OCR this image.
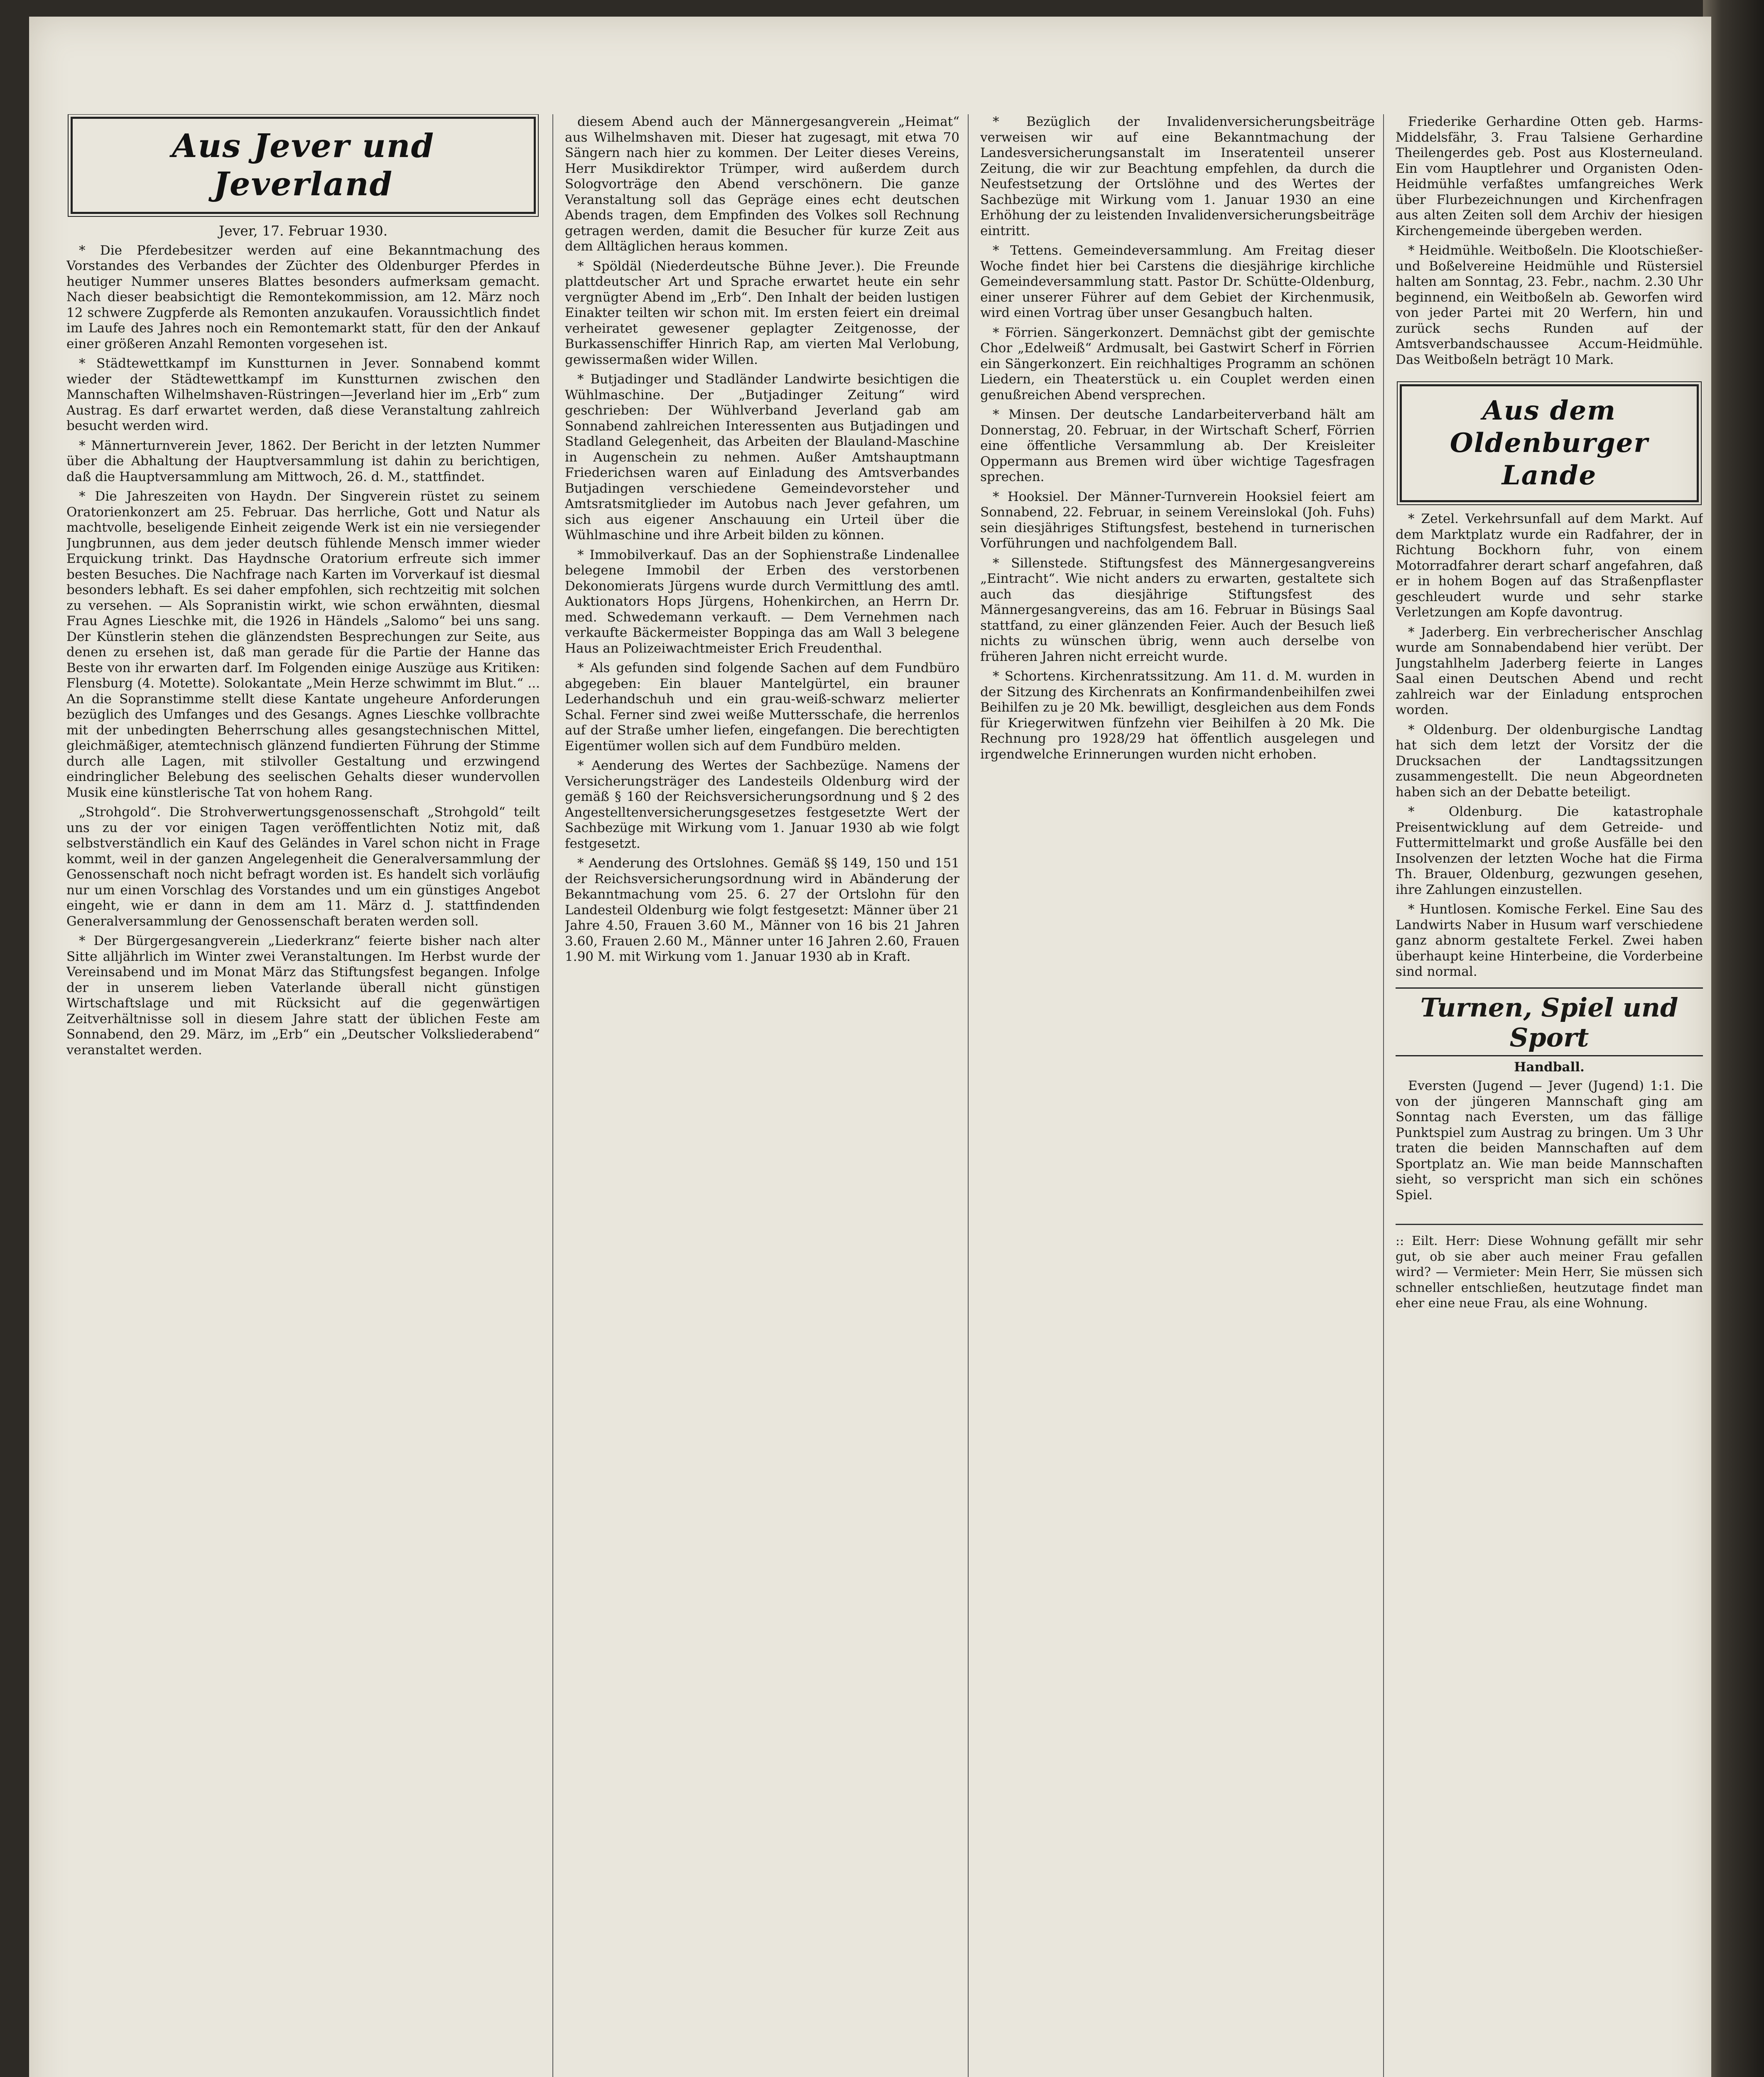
Aus Jever und Jeverland

Jever, 17. Februar 1930.

* Die Pferdebesitzer werden auf eine Bekanntmachung des Vorstandes des Verbandes der Züchter des Oldenburger Pferdes in heutiger Nummer unseres Blattes besonders aufmerksam gemacht. Nach dieser beabsichtigt die Remontekommission, am 12. März noch 12 schwere Zugpferde als Remonten anzukaufen. Voraussichtlich findet im Laufe des Jahres noch ein Remontemarkt statt, für den der Ankauf einer größeren Anzahl Remonten vorgesehen ist.

* Städtewettkampf im Kunstturnen in Jever. Sonnabend kommt wieder der Städtewettkampf im Kunstturnen zwischen den Mannschaften Wilhelmshaven-Rüstringen—Jeverland hier im „Erb“ zum Austrag. Es darf erwartet werden, daß diese Veranstaltung zahlreich besucht werden wird.

* Männerturnverein Jever, 1862. Der Bericht in der letzten Nummer über die Abhaltung der Hauptversammlung ist dahin zu berichtigen, daß die Hauptversammlung am Mittwoch, 26. d. M., stattfindet.

* Die Jahreszeiten von Haydn. Der Singverein rüstet zu seinem Oratorienkonzert am 25. Februar. Das herrliche, Gott und Natur als machtvolle, beseligende Einheit zeigende Werk ist ein nie versiegender Jungbrunnen, aus dem jeder deutsch fühlende Mensch immer wieder Erquickung trinkt. Das Haydnsche Oratorium erfreute sich immer besten Besuches. Die Nachfrage nach Karten im Vorverkauf ist diesmal besonders lebhaft. Es sei daher empfohlen, sich rechtzeitig mit solchen zu versehen. — Als Sopranistin wirkt, wie schon erwähnten, diesmal Frau Agnes Lieschke mit, die 1926 in Händels „Salomo“ bei uns sang. Der Künstlerin stehen die glänzendsten Besprechungen zur Seite, aus denen zu ersehen ist, daß man gerade für die Partie der Hanne das Beste von ihr erwarten darf. Im Folgenden einige Auszüge aus Kritiken: Flensburg (4. Motette). Solokantate „Mein Herze schwimmt im Blut.“ ... An die Sopranstimme stellt diese Kantate ungeheure Anforderungen bezüglich des Umfanges und des Gesangs. Agnes Lieschke vollbrachte mit der unbedingten Beherrschung alles gesangstechnischen Mittel, gleichmäßiger, atemtechnisch glänzend fundierten Führung der Stimme durch alle Lagen, mit stilvoller Gestaltung und erzwingend eindringlicher Belebung des seelischen Gehalts dieser wundervollen Musik eine künstlerische Tat von hohem Rang.

„Strohgold“. Die Strohverwertungsgenossenschaft „Strohgold“ teilt uns zu der vor einigen Tagen veröffentlichten Notiz mit, daß selbstverständlich ein Kauf des Geländes in Varel schon nicht in Frage kommt, weil in der ganzen Angelegenheit die Generalversammlung der Genossenschaft noch nicht befragt worden ist. Es handelt sich vorläufig nur um einen Vorschlag des Vorstandes und um ein günstiges Angebot eingeht, wie er dann in dem am 11. März d. J. stattfindenden Generalversammlung der Genossenschaft beraten werden soll.

* Der Bürgergesangverein „Liederkranz“ feierte bisher nach alter Sitte alljährlich im Winter zwei Veranstaltungen. Im Herbst wurde der Vereinsabend und im Monat März das Stiftungsfest begangen. Infolge der in unserem lieben Vaterlande überall nicht günstigen Wirtschaftslage und mit Rücksicht auf die gegenwärtigen Zeitverhältnisse soll in diesem Jahre statt der üblichen Feste am Sonnabend, den 29. März, im „Erb“ ein „Deutscher Volksliederabend“ veranstaltet werden.

diesem Abend auch der Männergesangverein „Heimat“ aus Wilhelmshaven mit. Dieser hat zugesagt, mit etwa 70 Sängern nach hier zu kommen. Der Leiter dieses Vereins, Herr Musikdirektor Trümper, wird außerdem durch Sologvorträge den Abend verschönern. Die ganze Veranstaltung soll das Gepräge eines echt deutschen Abends tragen, dem Empfinden des Volkes soll Rechnung getragen werden, damit die Besucher für kurze Zeit aus dem Alltäglichen heraus kommen.

* Spöldäl (Niederdeutsche Bühne Jever.). Die Freunde plattdeutscher Art und Sprache erwartet heute ein sehr vergnügter Abend im „Erb“. Den Inhalt der beiden lustigen Einakter teilten wir schon mit. Im ersten feiert ein dreimal verheiratet gewesener geplagter Zeitgenosse, der Burkassenschiffer Hinrich Rap, am vierten Mal Verlobung, gewissermaßen wider Willen.

* Butjadinger und Stadländer Landwirte besichtigen die Wühlmaschine. Der „Butjadinger Zeitung“ wird geschrieben: Der Wühlverband Jeverland gab am Sonnabend zahlreichen Interessenten aus Butjadingen und Stadland Gelegenheit, das Arbeiten der Blauland-Maschine in Augenschein zu nehmen. Außer Amtshauptmann Friederichsen waren auf Einladung des Amtsverbandes Butjadingen verschiedene Gemeindevorsteher und Amtsratsmitglieder im Autobus nach Jever gefahren, um sich aus eigener Anschauung ein Urteil über die Wühlmaschine und ihre Arbeit bilden zu können.

* Immobilverkauf. Das an der Sophienstraße Lindenallee belegene Immobil der Erben des verstorbenen Dekonomierats Jürgens wurde durch Vermittlung des amtl. Auktionators Hops Jürgens, Hohenkirchen, an Herrn Dr. med. Schwedemann verkauft. — Dem Vernehmen nach verkaufte Bäckermeister Boppinga das am Wall 3 belegene Haus an Polizeiwachtmeister Erich Freudenthal.

* Als gefunden sind folgende Sachen auf dem Fundbüro abgegeben: Ein blauer Mantelgürtel, ein brauner Lederhandschuh und ein grau-weiß-schwarz melierter Schal. Ferner sind zwei weiße Muttersschafe, die herrenlos auf der Straße umher liefen, eingefangen. Die berechtigten Eigentümer wollen sich auf dem Fundbüro melden.

* Aenderung des Wertes der Sachbezüge. Namens der Versicherungsträger des Landesteils Oldenburg wird der gemäß § 160 der Reichsversicherungsordnung und § 2 des Angestelltenversicherungsgesetzes festgesetzte Wert der Sachbezüge mit Wirkung vom 1. Januar 1930 ab wie folgt festgesetzt.

* Aenderung des Ortslohnes. Gemäß §§ 149, 150 und 151 der Reichsversicherungsordnung wird in Abänderung der Bekanntmachung vom 25. 6. 27 der Ortslohn für den Landesteil Oldenburg wie folgt festgesetzt: Männer über 21 Jahre 4.50, Frauen 3.60 M., Männer von 16 bis 21 Jahren 3.60, Frauen 2.60 M., Männer unter 16 Jahren 2.60, Frauen 1.90 M. mit Wirkung vom 1. Januar 1930 ab in Kraft.

* Bezüglich der Invalidenversicherungsbeiträge verweisen wir auf eine Bekanntmachung der Landesversicherungsanstalt im Inseratenteil unserer Zeitung, die wir zur Beachtung empfehlen, da durch die Neufestsetzung der Ortslöhne und des Wertes der Sachbezüge mit Wirkung vom 1. Januar 1930 an eine Erhöhung der zu leistenden Invalidenversicherungsbeiträge eintritt.

* Tettens. Gemeindeversammlung. Am Freitag dieser Woche findet hier bei Carstens die diesjährige kirchliche Gemeindeversammlung statt. Pastor Dr. Schütte-Oldenburg, einer unserer Führer auf dem Gebiet der Kirchenmusik, wird einen Vortrag über unser Gesangbuch halten.

* Förrien. Sängerkonzert. Demnächst gibt der gemischte Chor „Edelweiß“ Ardmusalt, bei Gastwirt Scherf in Förrien ein Sängerkonzert. Ein reichhaltiges Programm an schönen Liedern, ein Theaterstück u. ein Couplet werden einen genußreichen Abend versprechen.

* Minsen. Der deutsche Landarbeiterverband hält am Donnerstag, 20. Februar, in der Wirtschaft Scherf, Förrien eine öffentliche Versammlung ab. Der Kreisleiter Oppermann aus Bremen wird über wichtige Tagesfragen sprechen.

* Hooksiel. Der Männer-Turnverein Hooksiel feiert am Sonnabend, 22. Februar, in seinem Vereinslokal (Joh. Fuhs) sein diesjähriges Stiftungsfest, bestehend in turnerischen Vorführungen und nachfolgendem Ball.

* Sillenstede. Stiftungsfest des Männergesangvereins „Eintracht“. Wie nicht anders zu erwarten, gestaltete sich auch das diesjährige Stiftungsfest des Männergesangvereins, das am 16. Februar in Büsings Saal stattfand, zu einer glänzenden Feier. Auch der Besuch ließ nichts zu wünschen übrig, wenn auch derselbe von früheren Jahren nicht erreicht wurde.

* Schortens. Kirchenratssitzung. Am 11. d. M. wurden in der Sitzung des Kirchenrats an Konfirmandenbeihilfen zwei Beihilfen zu je 20 Mk. bewilligt, desgleichen aus dem Fonds für Kriegerwitwen fünfzehn vier Beihilfen à 20 Mk. Die Rechnung pro 1928/29 hat öffentlich ausgelegen und irgendwelche Erinnerungen wurden nicht erhoben.

Friederike Gerhardine Otten geb. Harms-Middelsfähr, 3. Frau Talsiene Gerhardine Theilengerdes geb. Post aus Klosterneuland. Ein vom Hauptlehrer und Organisten Oden-Heidmühle verfaßtes umfangreiches Werk über Flurbezeichnungen und Kirchenfragen aus alten Zeiten soll dem Archiv der hiesigen Kirchengemeinde übergeben werden.

* Heidmühle. Weitboßeln. Die Klootschießer- und Boßelvereine Heidmühle und Rüstersiel halten am Sonntag, 23. Febr., nachm. 2.30 Uhr beginnend, ein Weitboßeln ab. Geworfen wird von jeder Partei mit 20 Werfern, hin und zurück sechs Runden auf der Amtsverbandschaussee Accum-Heidmühle. Das Weitboßeln beträgt 10 Mark.

Aus dem Oldenburger Lande

* Zetel. Verkehrsunfall auf dem Markt. Auf dem Marktplatz wurde ein Radfahrer, der in Richtung Bockhorn fuhr, von einem Motorradfahrer derart scharf angefahren, daß er in hohem Bogen auf das Straßenpflaster geschleudert wurde und sehr starke Verletzungen am Kopfe davontrug.

* Jaderberg. Ein verbrecherischer Anschlag wurde am Sonnabendabend hier verübt. Der Jungstahlhelm Jaderberg feierte in Langes Saal einen Deutschen Abend und recht zahlreich war der Einladung entsprochen worden.

* Oldenburg. Der oldenburgische Landtag hat sich dem letzt der Vorsitz der die Drucksachen der Landtagssitzungen zusammengestellt. Die neun Abgeordneten haben sich an der Debatte beteiligt.

* Oldenburg. Die katastrophale Preisentwicklung auf dem Getreide- und Futtermittelmarkt und große Ausfälle bei den Insolvenzen der letzten Woche hat die Firma Th. Brauer, Oldenburg, gezwungen gesehen, ihre Zahlungen einzustellen.

* Huntlosen. Komische Ferkel. Eine Sau des Landwirts Naber in Husum warf verschiedene ganz abnorm gestaltete Ferkel. Zwei haben überhaupt keine Hinterbeine, die Vorderbeine sind normal.

Turnen, Spiel und Sport

Handball.

Eversten (Jugend — Jever (Jugend) 1:1. Die von der jüngeren Mannschaft ging am Sonntag nach Eversten, um das fällige Punktspiel zum Austrag zu bringen. Um 3 Uhr traten die beiden Mannschaften auf dem Sportplatz an. Wie man beide Mannschaften sieht, so verspricht man sich ein schönes Spiel.

:: Eilt. Herr: Diese Wohnung gefällt mir sehr gut, ob sie aber auch meiner Frau gefallen wird? — Vermieter: Mein Herr, Sie müssen sich schneller entschließen, heutzutage findet man eher eine neue Frau, als eine Wohnung.
